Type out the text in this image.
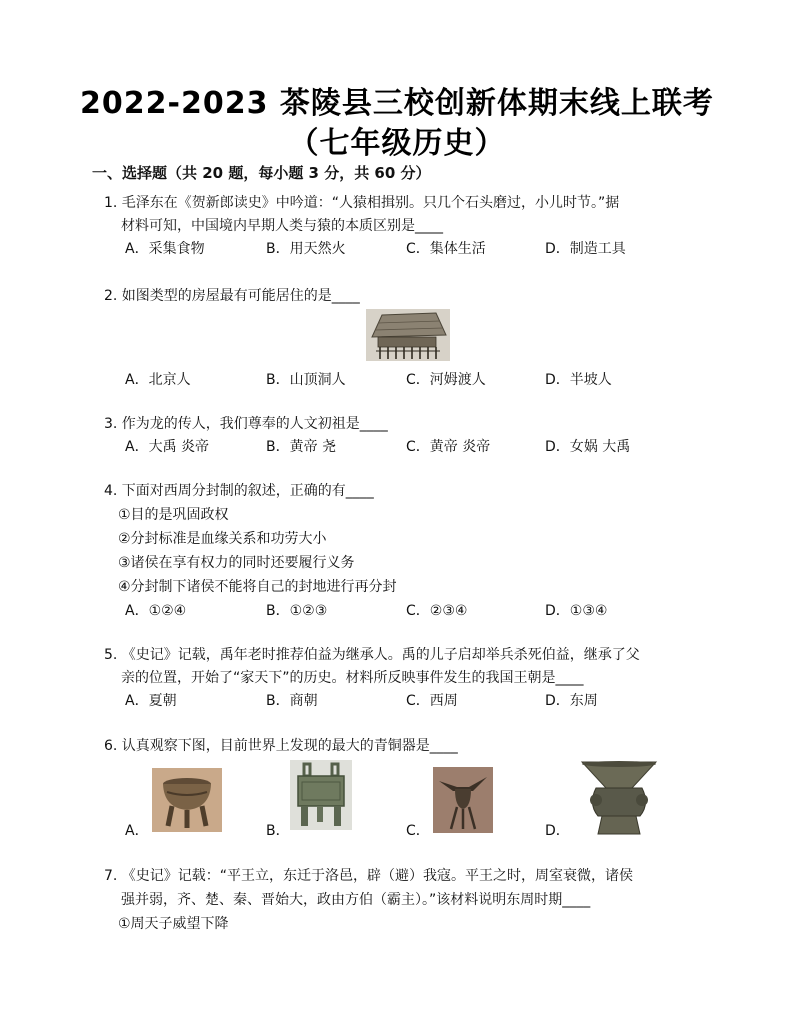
2022-2023 茶陵县三校创新体期末线上联考
（七年级历史）
一、选择题（共 20 题，每小题 3 分，共 60 分）
1. 毛泽东在《贺新郎读史》中吟道：“人猿相揖别。只几个石头磨过，小儿时节。”据
材料可知，中国境内早期人类与猿的本质区别是____
A．采集食物	B．用天然火	C．集体生活	D．制造工具
2. 如图类型的房屋最有可能居住的是____
A．北京人	B．山顶洞人	C．河姆渡人	D．半坡人
3. 作为龙的传人，我们尊奉的人文初祖是____
A．大禹 炎帝	B．黄帝 尧	C．黄帝 炎帝	D．女娲 大禹
4. 下面对西周分封制的叙述，正确的有____
①目的是巩固政权
②分封标准是血缘关系和功劳大小
③诸侯在享有权力的同时还要履行义务
④分封制下诸侯不能将自己的封地进行再分封
A．①②④	B．①②③	C．②③④	D．①③④
5. 《史记》记载，禹年老时推荐伯益为继承人。禹的儿子启却举兵杀死伯益，继承了父
亲的位置，开始了“家天下”的历史。材料所反映事件发生的我国王朝是____
A．夏朝	B．商朝	C．西周	D．东周
6. 认真观察下图，目前世界上发现的最大的青铜器是____
A．	B．	C．	D．
7. 《史记》记载：“平王立，东迁于洛邑，辟（避）我寇。平王之时，周室衰微，诸侯
强并弱，齐、楚、秦、晋始大，政由方伯（霸主）。”该材料说明东周时期____
①周天子威望下降
